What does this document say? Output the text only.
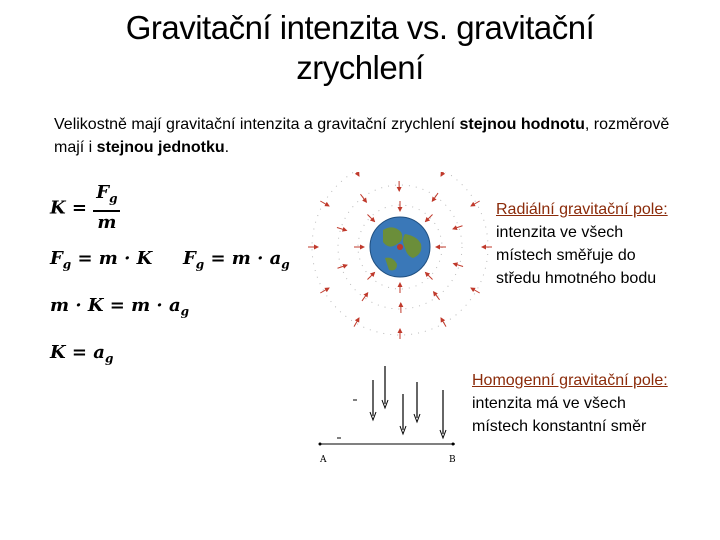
Gravitační intenzita vs. gravitační
zrychlení
Velikostně mají gravitační intenzita a gravitační zrychlení stejnou hodnotu, rozměrově mají i stejnou jednotku.
$K = \frac{F_g}{m}$
$F_g = m \cdot K$ $F_g = m \cdot a_g$
$m \cdot K = m \cdot a_g$
$K = a_g$
Radiální gravitační pole:
intenzita ve všech
místech směřuje do
středu hmotného bodu
A	B
Homogenní gravitační pole:
intenzita má ve všech
místech konstantní směr
